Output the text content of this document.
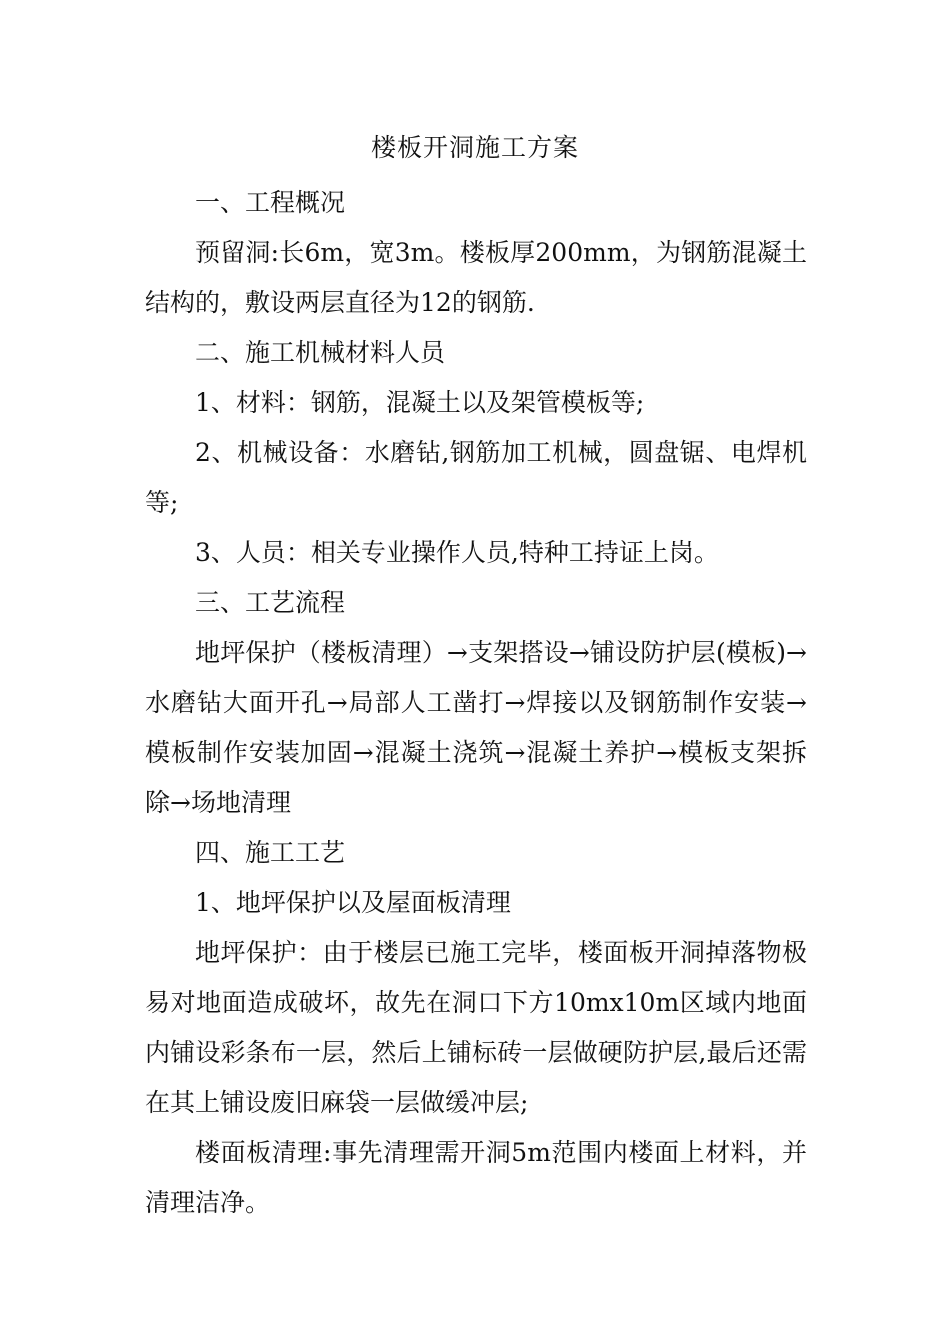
楼板开洞施工方案

一、工程概况

预留洞:长6m，宽3m。楼板厚200mm，为钢筋混凝土结构的，敷设两层直径为12的钢筋.

二、施工机械材料人员

1、材料：钢筋，混凝土以及架管模板等;

2、机械设备：水磨钻,钢筋加工机械，圆盘锯、电焊机等;

3、人员：相关专业操作人员,特种工持证上岗。

三、工艺流程

地坪保护（楼板清理）→支架搭设→铺设防护层(模板)→水磨钻大面开孔→局部人工凿打→焊接以及钢筋制作安装→模板制作安装加固→混凝土浇筑→混凝土养护→模板支架拆除→场地清理

四、施工工艺

1、地坪保护以及屋面板清理

地坪保护：由于楼层已施工完毕，楼面板开洞掉落物极易对地面造成破坏，故先在洞口下方10mx10m区域内地面内铺设彩条布一层，然后上铺标砖一层做硬防护层,最后还需在其上铺设废旧麻袋一层做缓冲层;

楼面板清理:事先清理需开洞5m范围内楼面上材料，并清理洁净。
